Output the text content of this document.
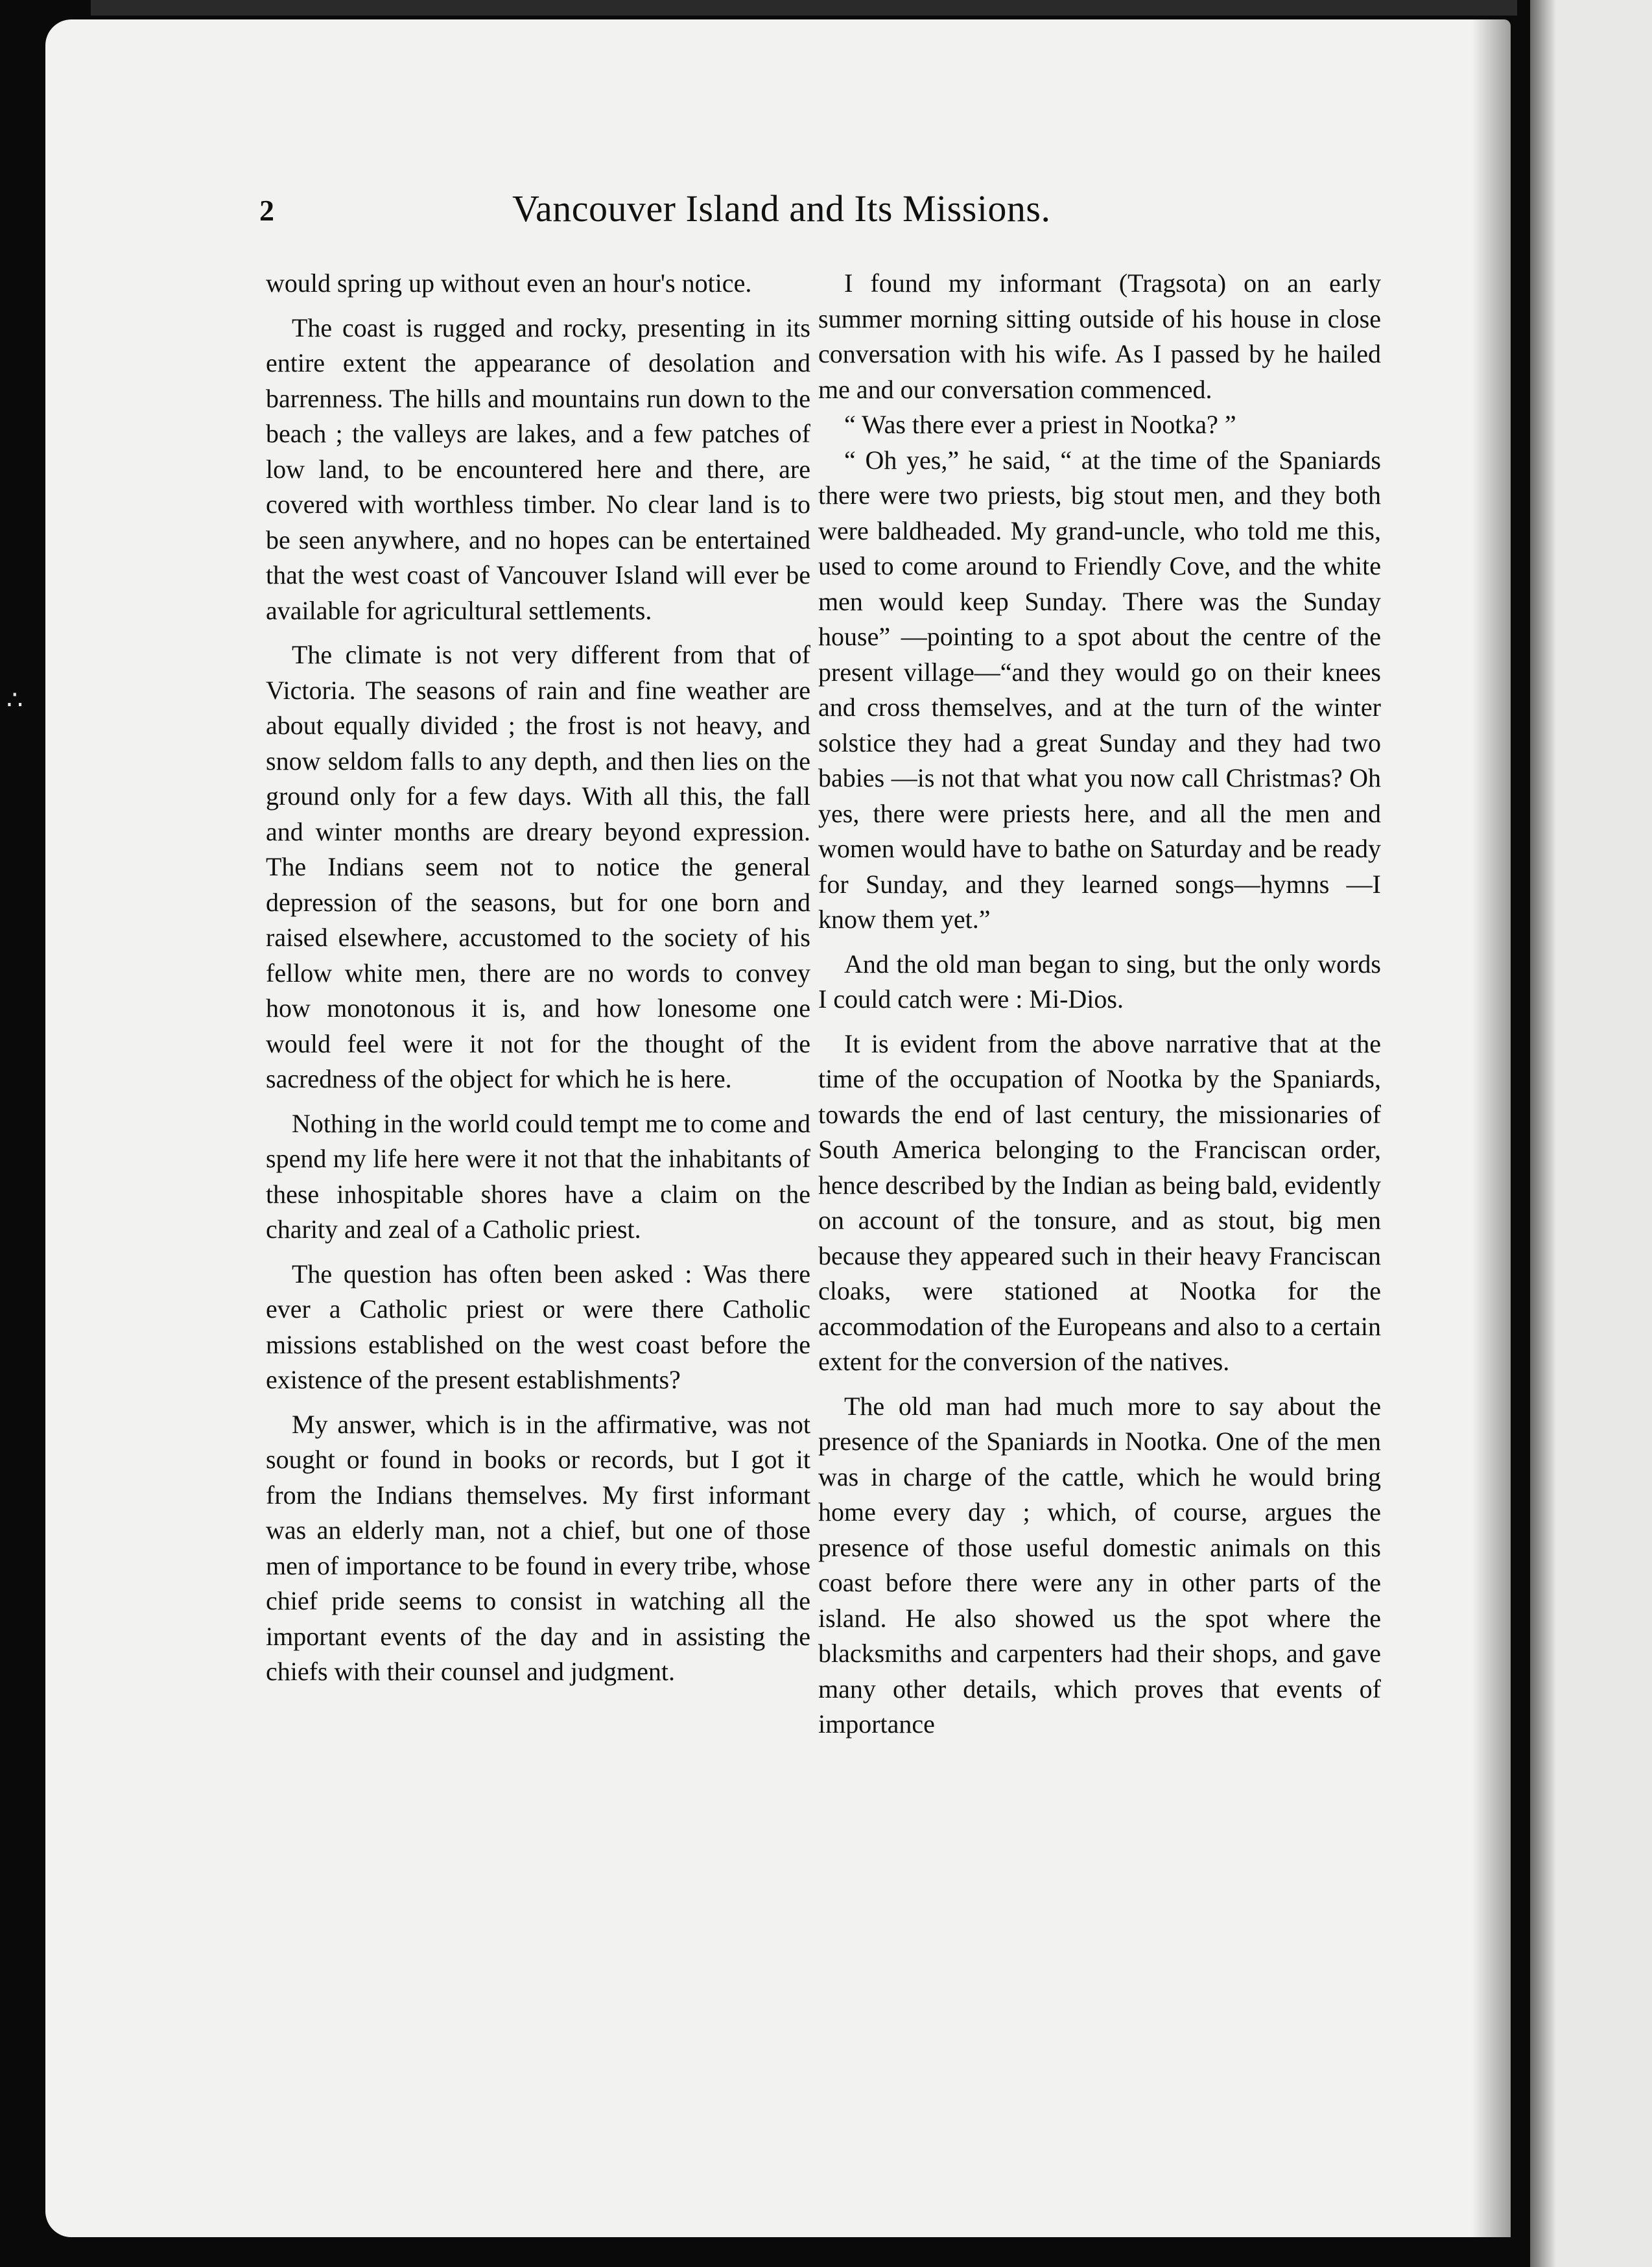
∴
2	Vancouver Island and Its Missions.

would spring up without even an hour's notice.

The coast is rugged and rocky, presenting in its entire extent the appearance of desolation and barrenness. The hills and mountains run down to the beach ; the valleys are lakes, and a few patches of low land, to be encountered here and there, are covered with worthless timber. No clear land is to be seen anywhere, and no hopes can be entertained that the west coast of Vancouver Island will ever be available for agricultural settlements.

The climate is not very different from that of Victoria. The seasons of rain and fine weather are about equally divided ; the frost is not heavy, and snow seldom falls to any depth, and then lies on the ground only for a few days. With all this, the fall and winter months are dreary beyond expression. The Indians seem not to notice the general depression of the seasons, but for one born and raised elsewhere, accustomed to the society of his fellow white men, there are no words to convey how monotonous it is, and how lonesome one would feel were it not for the thought of the sacredness of the object for which he is here.

Nothing in the world could tempt me to come and spend my life here were it not that the inhabitants of these inhospitable shores have a claim on the charity and zeal of a Catholic priest.

The question has often been asked : Was there ever a Catholic priest or were there Catholic missions established on the west coast before the existence of the present establishments?

My answer, which is in the affirmative, was not sought or found in books or records, but I got it from the Indians themselves. My first informant was an elderly man, not a chief, but one of those men of importance to be found in every tribe, whose chief pride seems to consist in watching all the important events of the day and in assisting the chiefs with their counsel and judgment.

I found my informant (Tragsota) on an early summer morning sitting outside of his house in close conversation with his wife. As I passed by he hailed me and our conversation commenced.

“ Was there ever a priest in Nootka? ”

“ Oh yes,” he said, “ at the time of the Spaniards there were two priests, big stout men, and they both were baldheaded. My grand-uncle, who told me this, used to come around to Friendly Cove, and the white men would keep Sunday. There was the Sunday house” —pointing to a spot about the centre of the present village—“and they would go on their knees and cross themselves, and at the turn of the winter solstice they had a great Sunday and they had two babies —is not that what you now call Christmas? Oh yes, there were priests here, and all the men and women would have to bathe on Saturday and be ready for Sunday, and they learned songs—hymns —I know them yet.”

And the old man began to sing, but the only words I could catch were : Mi-Dios.

It is evident from the above narrative that at the time of the occupation of Nootka by the Spaniards, towards the end of last century, the missionaries of South America belonging to the Franciscan order, hence described by the Indian as being bald, evidently on account of the tonsure, and as stout, big men because they appeared such in their heavy Franciscan cloaks, were stationed at Nootka for the accommodation of the Europeans and also to a certain extent for the conversion of the natives.

The old man had much more to say about the presence of the Spaniards in Nootka. One of the men was in charge of the cattle, which he would bring home every day ; which, of course, argues the presence of those useful domestic animals on this coast before there were any in other parts of the island. He also showed us the spot where the blacksmiths and carpenters had their shops, and gave many other details, which proves that events of importance
